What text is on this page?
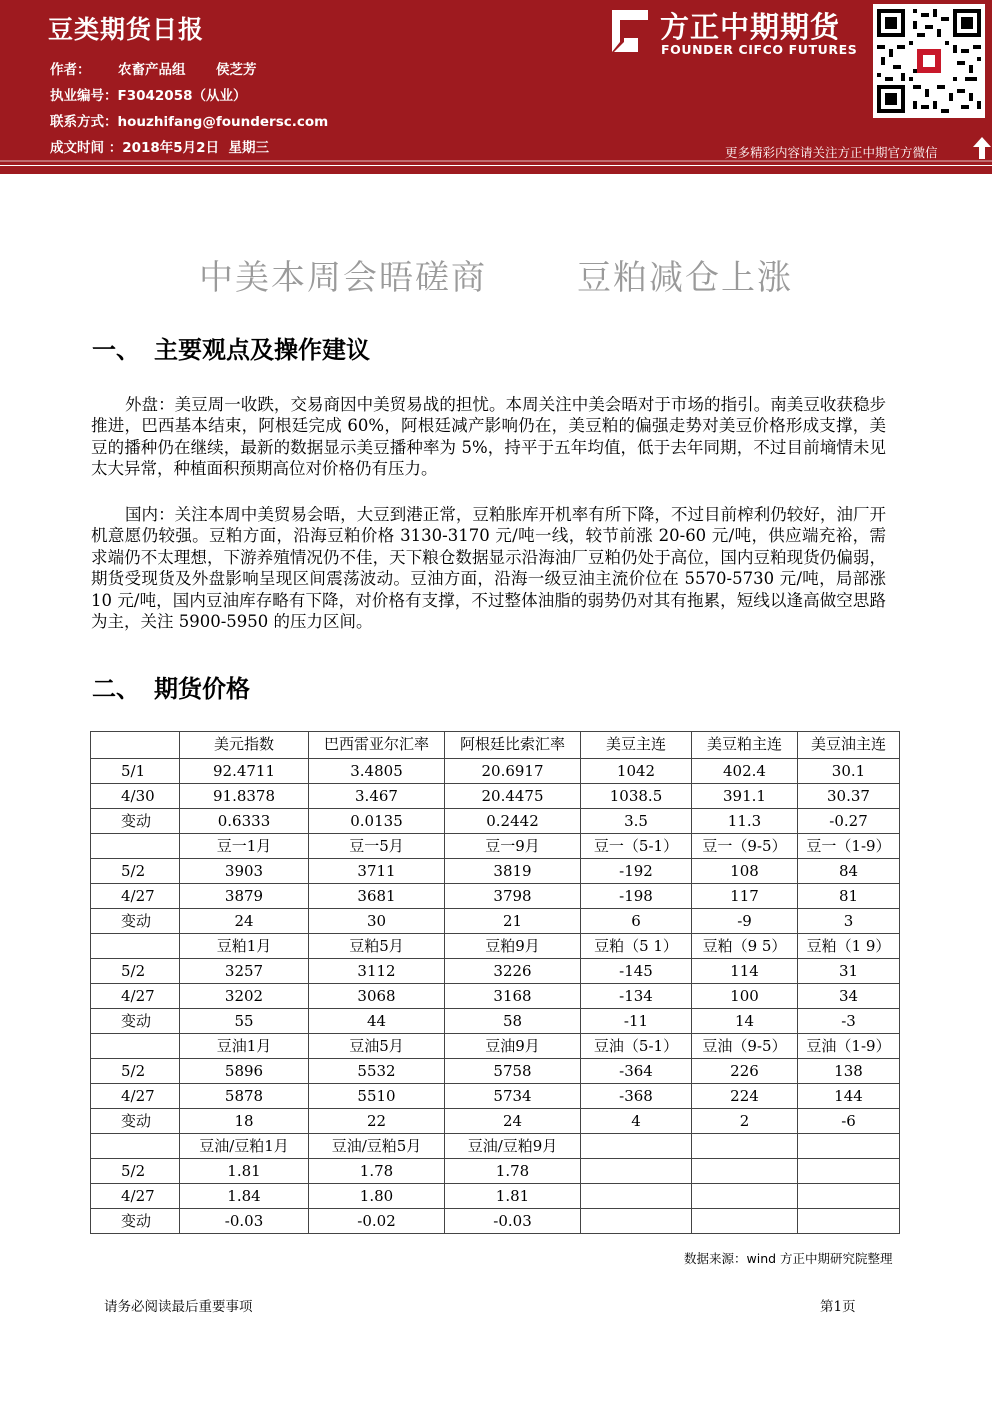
豆类期货日报
作者： 农畜产品组 侯芝芳
执业编号：F3042058（从业）
联系方式：houzhifang@foundersc.com
成文时间 ：2018年5月2日  星期三
方正中期期货
FOUNDER CIFCO FUTURES
更多精彩内容请关注方正中期官方微信
中美本周会晤磋商	豆粕减仓上涨
一、 主要观点及操作建议
外盘：美豆周一收跌，交易商因中美贸易战的担忧。本周关注中美会晤对于市场的指引。南美豆收获稳步推进，巴西基本结束，阿根廷完成 60%，阿根廷减产影响仍在，美豆粕的偏强走势对美豆价格形成支撑，美豆的播种仍在继续，最新的数据显示美豆播种率为 5%，持平于五年均值，低于去年同期，不过目前墒情未见太大异常，种植面积预期高位对价格仍有压力。
国内：关注本周中美贸易会晤，大豆到港正常，豆粕胀库开机率有所下降，不过目前榨利仍较好，油厂开机意愿仍较强。豆粕方面，沿海豆粕价格 3130-3170 元/吨一线，较节前涨 20-60 元/吨，供应端充裕，需求端仍不太理想，下游养殖情况仍不佳，天下粮仓数据显示沿海油厂豆粕仍处于高位，国内豆粕现货仍偏弱，期货受现货及外盘影响呈现区间震荡波动。豆油方面，沿海一级豆油主流价位在 5570-5730 元/吨，局部涨 10 元/吨，国内豆油库存略有下降，对价格有支撑，不过整体油脂的弱势仍对其有拖累，短线以逢高做空思路为主，关注 5900-5950 的压力区间。
二、 期货价格
	美元指数	巴西雷亚尔汇率	阿根廷比索汇率	美豆主连	美豆粕主连	美豆油主连
5/1	92.4711	3.4805	20.6917	1042	402.4	30.1
4/30	91.8378	3.467	20.4475	1038.5	391.1	30.37
变动	0.6333	0.0135	0.2442	3.5	11.3	-0.27
	豆一1月	豆一5月	豆一9月	豆一（5-1）	豆一（9-5）	豆一（1-9）
5/2	3903	3711	3819	-192	108	84
4/27	3879	3681	3798	-198	117	81
变动	24	30	21	6	-9	3
	豆粕1月	豆粕5月	豆粕9月	豆粕（5 1）	豆粕（9 5）	豆粕（1 9）
5/2	3257	3112	3226	-145	114	31
4/27	3202	3068	3168	-134	100	34
变动	55	44	58	-11	14	-3
	豆油1月	豆油5月	豆油9月	豆油（5-1）	豆油（9-5）	豆油（1-9）
5/2	5896	5532	5758	-364	226	138
4/27	5878	5510	5734	-368	224	144
变动	18	22	24	4	2	-6
	豆油/豆粕1月	豆油/豆粕5月	豆油/豆粕9月			
5/2	1.81	1.78	1.78			
4/27	1.84	1.80	1.81			
变动	-0.03	-0.02	-0.03			
数据来源：wind 方正中期研究院整理
请务必阅读最后重要事项	第1页
